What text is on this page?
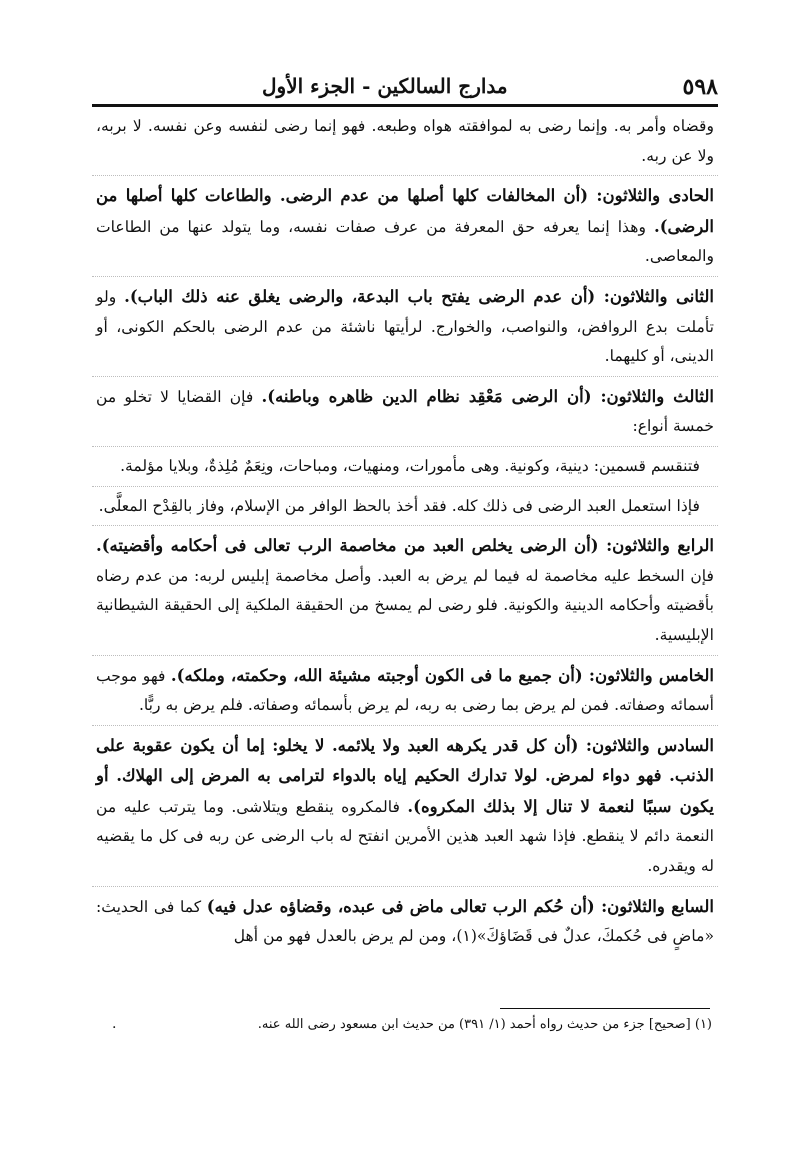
٥٩٨
مدارج السالكين - الجزء الأول

وقضاه وأمر به. وإنما رضى به لموافقته هواه وطبعه. فهو إنما رضى لنفسه وعن نفسه. لا بربه، ولا عن ربه.

الحادى والثلاثون: (أن المخالفات كلها أصلها من عدم الرضى. والطاعات كلها أصلها من الرضى). وهذا إنما يعرفه حق المعرفة من عرف صفات نفسه، وما يتولد عنها من الطاعات والمعاصى.

الثانى والثلاثون: (أن عدم الرضى يفتح باب البدعة، والرضى يغلق عنه ذلك الباب). ولو تأملت بدع الروافض، والنواصب، والخوارج. لرأيتها ناشئة من عدم الرضى بالحكم الكونى، أو الدينى، أو كليهما.

الثالث والثلاثون: (أن الرضى مَعْقِد نظام الدين ظاهره وباطنه). فإن القضايا لا تخلو من خمسة أنواع:

فتنقسم قسمين: دينية، وكونية. وهى مأمورات، ومنهيات، ومباحات، ونِعَمٌ مُلِذةٌ، وبلايا مؤلمة.

فإذا استعمل العبد الرضى فى ذلك كله. فقد أخذ بالحظ الوافر من الإسلام، وفاز بالقِدْح المعلَّى.

الرابع والثلاثون: (أن الرضى يخلص العبد من مخاصمة الرب تعالى فى أحكامه وأقضيته). فإن السخط عليه مخاصمة له فيما لم يرض به العبد. وأصل مخاصمة إبليس لربه: من عدم رضاه بأقضيته وأحكامه الدينية والكونية. فلو رضى لم يمسخ من الحقيقة الملكية إلى الحقيقة الشيطانية الإبليسية.

الخامس والثلاثون: (أن جميع ما فى الكون أوجبته مشيئة الله، وحكمته، وملكه). فهو موجب أسمائه وصفاته. فمن لم يرض بما رضى به ربه، لم يرض بأسمائه وصفاته. فلم يرض به ربًّا.

السادس والثلاثون: (أن كل قدر يكرهه العبد ولا يلائمه. لا يخلو: إما أن يكون عقوبة على الذنب. فهو دواء لمرض. لولا تدارك الحكيم إياه بالدواء لترامى به المرض إلى الهلاك. أو يكون سببًا لنعمة لا تنال إلا بذلك المكروه). فالمكروه ينقطع ويتلاشى. وما يترتب عليه من النعمة دائم لا ينقطع. فإذا شهد العبد هذين الأمرين انفتح له باب الرضى عن ربه فى كل ما يقضيه له ويقدره.

السابع والثلاثون: (أن حُكم الرب تعالى ماض فى عبده، وقضاؤه عدل فيه) كما فى الحديث: «ماضٍ فى حُكمكَ، عدلٌ فى قَضَاؤكَ»(١)، ومن لم يرض بالعدل فهو من أهل

(١) [صحيح] جزء من حديث رواه أحمد (١/ ٣٩١) من حديث ابن مسعود رضى الله عنه.
.
